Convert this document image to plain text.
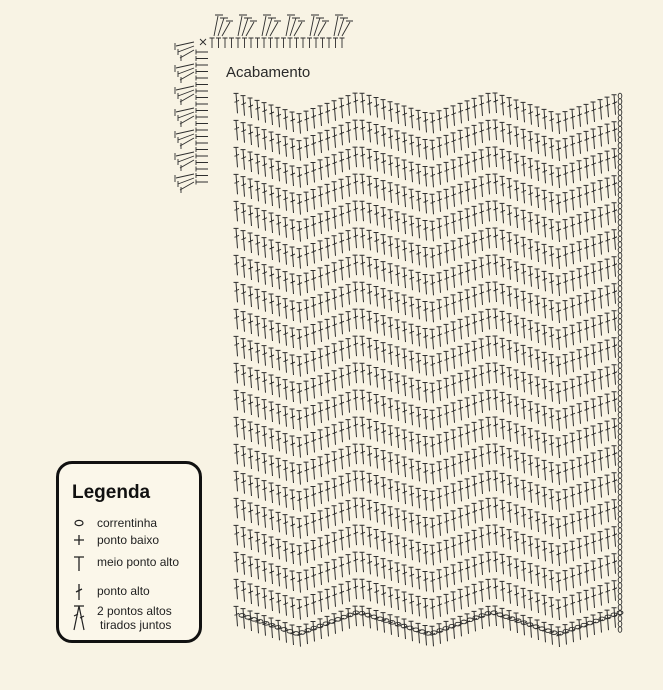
Acabamento
Legenda
correntinha
ponto baixo
meio ponto alto
ponto alto
2 pontos altos
tirados juntos
